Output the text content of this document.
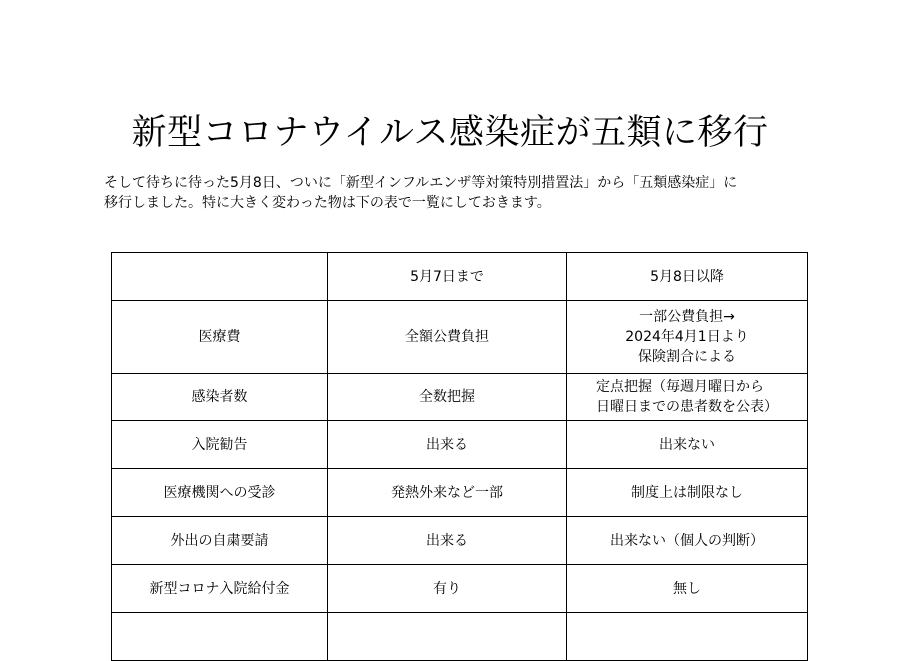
新型コロナウイルス感染症が五類に移行

そして待ちに待った5月8日、ついに「新型インフルエンザ等対策特別措置法」から「五類感染症」に

移行しました。特に大きく変わった物は下の表で一覧にしておきます。

	5月7日まで	5月8日以降
医療費	全額公費負担	一部公費負担→
2024年4月1日より
保険割合による

感染者数	全数把握	定点把握（毎週月曜日から
日曜日までの患者数を公表）

入院勧告	出来る	出来ない
医療機関への受診	発熱外来など一部	制度上は制限なし
外出の自粛要請	出来る	出来ない（個人の判断）
新型コロナ入院給付金	有り	無し
